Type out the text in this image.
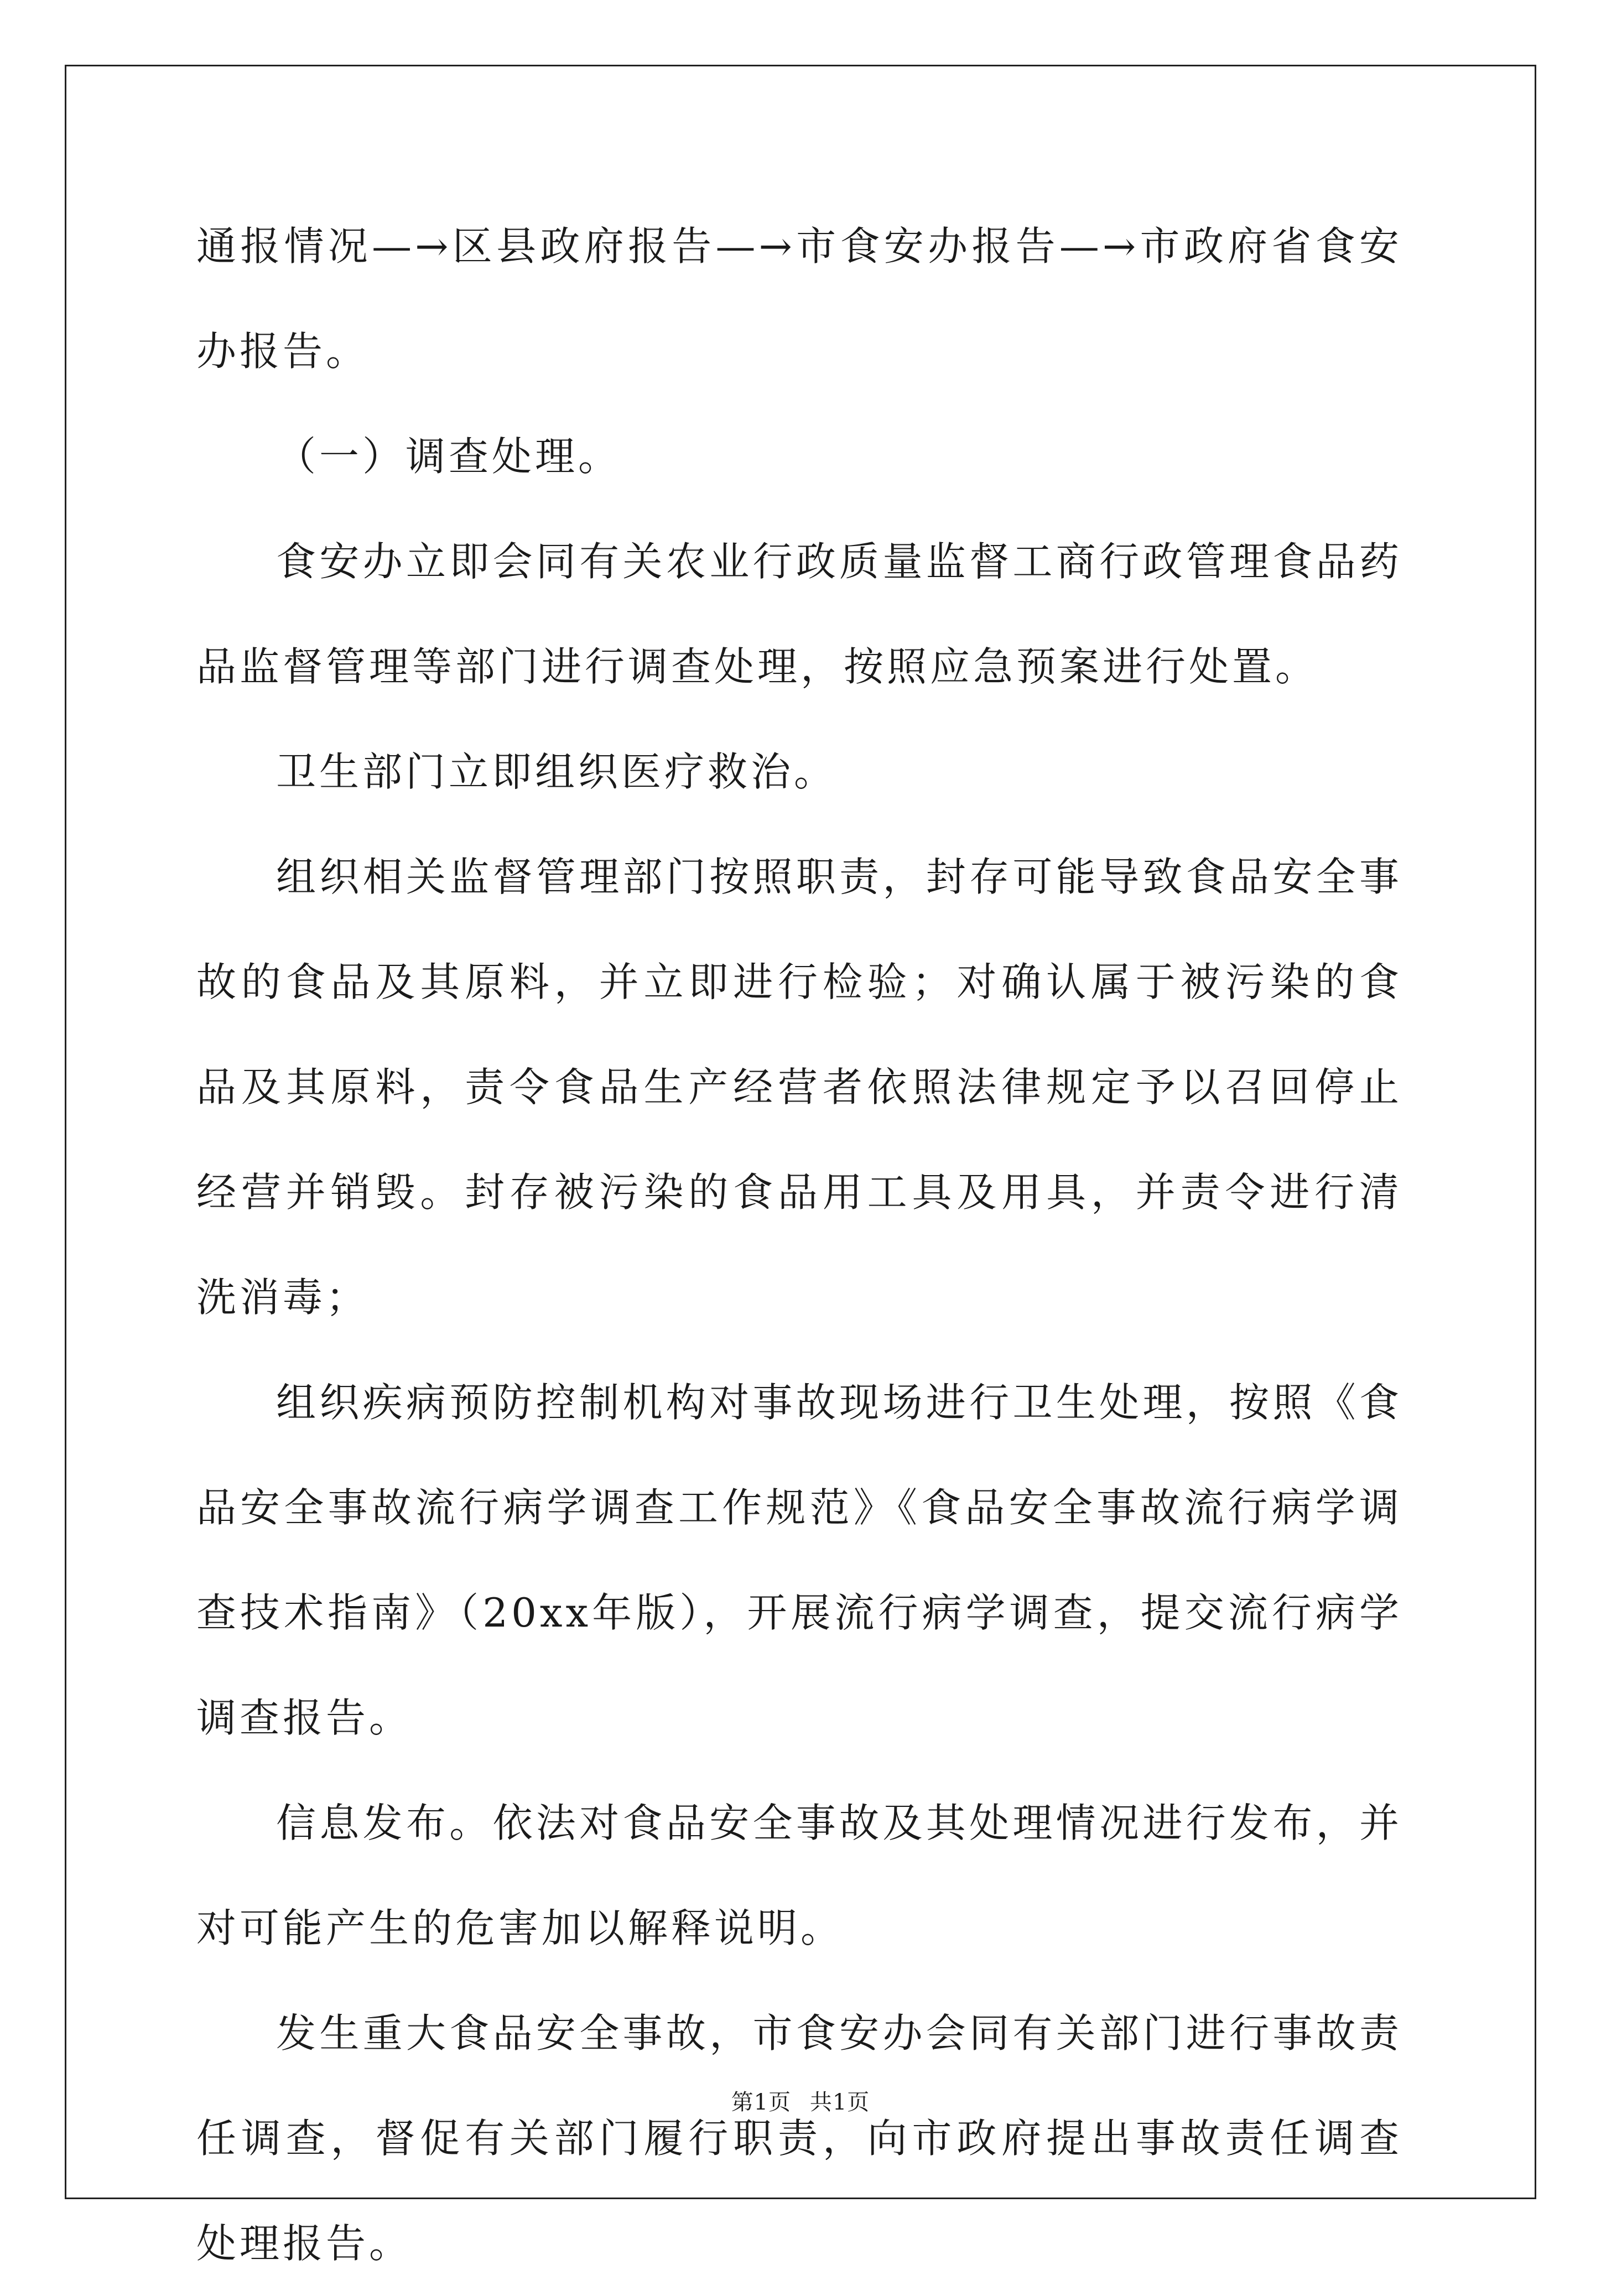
通报情况—→区县政府报告—→市食安办报告—→市政府省食安办报告。

（一）调查处理。

食安办立即会同有关农业行政质量监督工商行政管理食品药品监督管理等部门进行调查处理，按照应急预案进行处置。

卫生部门立即组织医疗救治。

组织相关监督管理部门按照职责，封存可能导致食品安全事故的食品及其原料，并立即进行检验；对确认属于被污染的食品及其原料，责令食品生产经营者依照法律规定予以召回停止经营并销毁。封存被污染的食品用工具及用具，并责令进行清洗消毒；

组织疾病预防控制机构对事故现场进行卫生处理，按照《食品安全事故流行病学调查工作规范》《食品安全事故流行病学调查技术指南》（20xx年版），开展流行病学调查，提交流行病学调查报告。

信息发布。依法对食品安全事故及其处理情况进行发布，并对可能产生的危害加以解释说明。

发生重大食品安全事故，市食安办会同有关部门进行事故责任调查，督促有关部门履行职责，向市政府提出事故责任调查处理报告。

第1页 共1页
